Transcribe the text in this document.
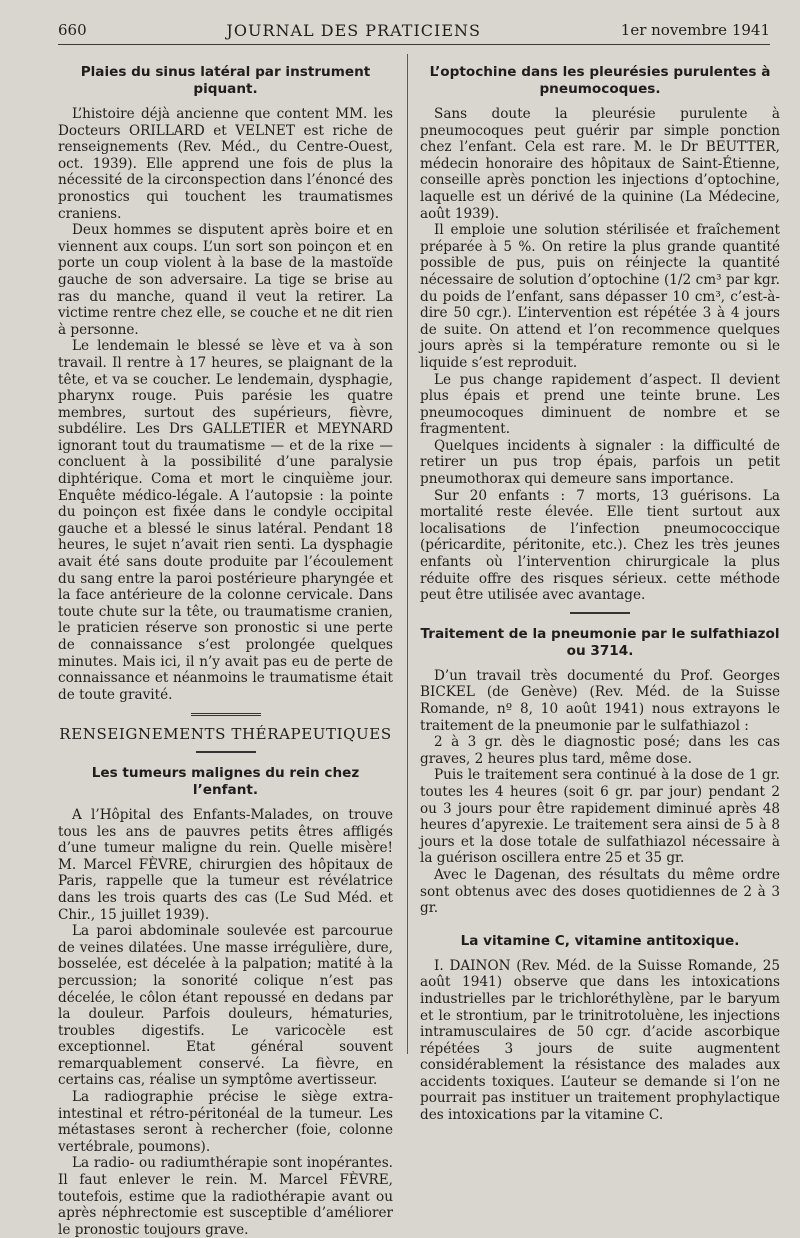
660	JOURNAL DES PRATICIENS	1er novembre 1941
Plaies du sinus latéral par instrument piquant.

L’histoire déjà ancienne que content MM. les Docteurs ORILLARD et VELNET est riche de renseignements (Rev. Méd., du Centre-Ouest, oct. 1939). Elle apprend une fois de plus la nécessité de la circonspection dans l’énoncé des pronostics qui touchent les traumatismes craniens.

Deux hommes se disputent après boire et en viennent aux coups. L’un sort son poinçon et en porte un coup violent à la base de la mastoïde gauche de son adversaire. La tige se brise au ras du manche, quand il veut la retirer. La victime rentre chez elle, se couche et ne dit rien à personne.

Le lendemain le blessé se lève et va à son travail. Il rentre à 17 heures, se plaignant de la tête, et va se coucher. Le lendemain, dysphagie, pharynx rouge. Puis parésie les quatre membres, surtout des supérieurs, fièvre, subdélire. Les Drs GALLETIER et MEYNARD ignorant tout du traumatisme — et de la rixe — concluent à la possibilité d’une paralysie diphtérique. Coma et mort le cinquième jour. Enquête médico-légale. A l’autopsie : la pointe du poinçon est fixée dans le condyle occipital gauche et a blessé le sinus latéral. Pendant 18 heures, le sujet n’avait rien senti. La dysphagie avait été sans doute produite par l’écoulement du sang entre la paroi postérieure pharyngée et la face antérieure de la colonne cervicale. Dans toute chute sur la tête, ou traumatisme cranien, le praticien réserve son pronostic si une perte de connaissance s’est prolongée quelques minutes. Mais ici, il n’y avait pas eu de perte de connaissance et néanmoins le traumatisme était de toute gravité.

RENSEIGNEMENTS THÉRAPEUTIQUES
Les tumeurs malignes du rein chez l’enfant.

A l’Hôpital des Enfants-Malades, on trouve tous les ans de pauvres petits êtres affligés d’une tumeur maligne du rein. Quelle misère! M. Marcel FÈVRE, chirurgien des hôpitaux de Paris, rappelle que la tumeur est révélatrice dans les trois quarts des cas (Le Sud Méd. et Chir., 15 juillet 1939).

La paroi abdominale soulevée est parcourue de veines dilatées. Une masse irrégulière, dure, bosselée, est décelée à la palpation; matité à la percussion; la sonorité colique n’est pas décelée, le côlon étant repoussé en dedans par la douleur. Parfois douleurs, hématuries, troubles digestifs. Le varicocèle est exceptionnel. Etat général souvent remarquablement conservé. La fièvre, en certains cas, réalise un symptôme avertisseur.

La radiographie précise le siège extra-intestinal et rétro-péritonéal de la tumeur. Les métastases seront à rechercher (foie, colonne vertébrale, poumons).

La radio- ou radiumthérapie sont inopérantes. Il faut enlever le rein. M. Marcel FÈVRE, toutefois, estime que la radiothérapie avant ou après néphrectomie est susceptible d’améliorer le pronostic toujours grave.

L’optochine dans les pleurésies purulentes à pneumocoques.

Sans doute la pleurésie purulente à pneumocoques peut guérir par simple ponction chez l’enfant. Cela est rare. M. le Dr BEUTTER, médecin honoraire des hôpitaux de Saint-Étienne, conseille après ponction les injections d’optochine, laquelle est un dérivé de la quinine (La Médecine, août 1939).

Il emploie une solution stérilisée et fraîchement préparée à 5 %. On retire la plus grande quantité possible de pus, puis on réinjecte la quantité nécessaire de solution d’optochine (1/2 cm³ par kgr. du poids de l’enfant, sans dépasser 10 cm³, c’est-à-dire 50 cgr.). L’intervention est répétée 3 à 4 jours de suite. On attend et l’on recommence quelques jours après si la température remonte ou si le liquide s’est reproduit.

Le pus change rapidement d’aspect. Il devient plus épais et prend une teinte brune. Les pneumocoques diminuent de nombre et se fragmentent.

Quelques incidents à signaler : la difficulté de retirer un pus trop épais, parfois un petit pneumothorax qui demeure sans importance.

Sur 20 enfants : 7 morts, 13 guérisons. La mortalité reste élevée. Elle tient surtout aux localisations de l’infection pneumococcique (péricardite, péritonite, etc.). Chez les très jeunes enfants où l’intervention chirurgicale la plus réduite offre des risques sérieux. cette méthode peut être utilisée avec avantage.

Traitement de la pneumonie par le sulfathiazol ou 3714.

D’un travail très documenté du Prof. Georges BICKEL (de Genève) (Rev. Méd. de la Suisse Romande, nº 8, 10 août 1941) nous extrayons le traitement de la pneumonie par le sulfathiazol :

2 à 3 gr. dès le diagnostic posé; dans les cas graves, 2 heures plus tard, même dose.

Puis le traitement sera continué à la dose de 1 gr. toutes les 4 heures (soit 6 gr. par jour) pendant 2 ou 3 jours pour être rapidement diminué après 48 heures d’apyrexie. Le traitement sera ainsi de 5 à 8 jours et la dose totale de sulfathiazol nécessaire à la guérison oscillera entre 25 et 35 gr.

Avec le Dagenan, des résultats du même ordre sont obtenus avec des doses quotidiennes de 2 à 3 gr.

La vitamine C, vitamine antitoxique.

I. DAINON (Rev. Méd. de la Suisse Romande, 25 août 1941) observe que dans les intoxications industrielles par le trichloréthylène, par le baryum et le strontium, par le trinitrotoluène, les injections intramusculaires de 50 cgr. d’acide ascorbique répétées 3 jours de suite augmentent considérablement la résistance des malades aux accidents toxiques. L’auteur se demande si l’on ne pourrait pas instituer un traitement prophylactique des intoxications par la vitamine C.
